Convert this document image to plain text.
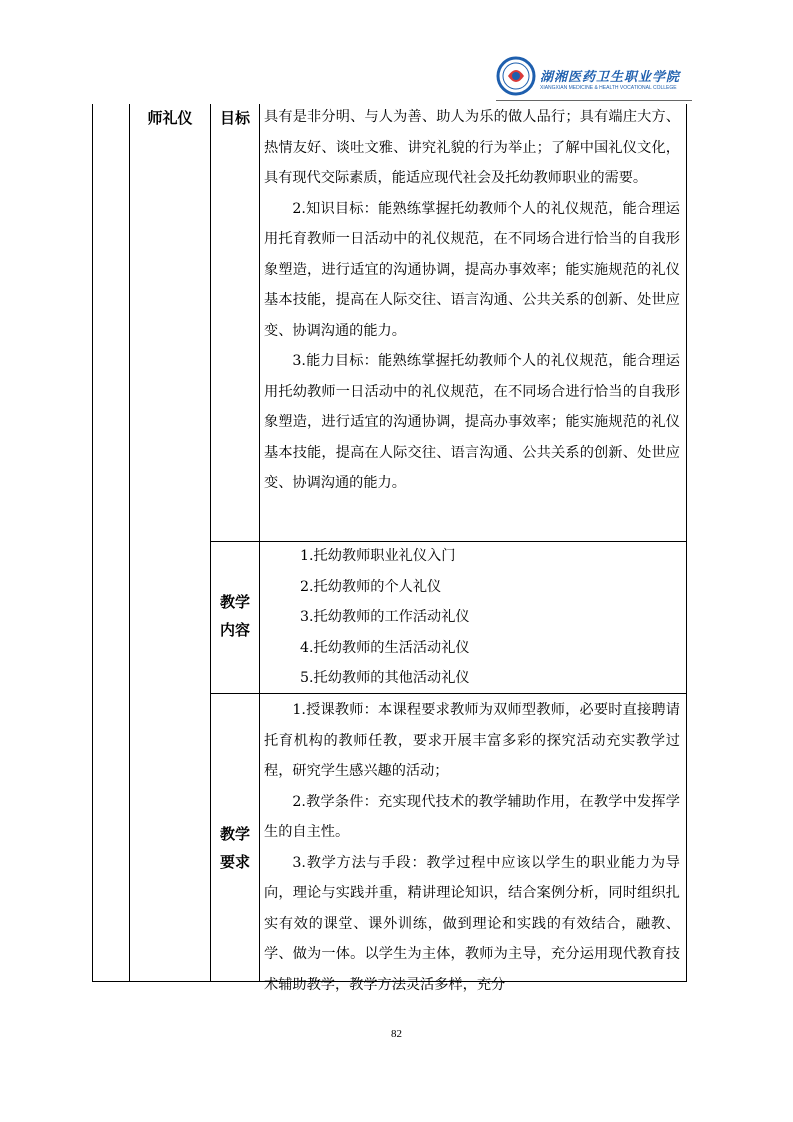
湖湘医药卫生职业学院
XIANGXIAN MEDICINE & HEALTH VOCATIONAL COLLEGE
师礼仪	目标 具有是非分明、与人为善、助人为乐的做人品行；具有端庄大方、热情友好、谈吐文雅、讲究礼貌的行为举止；了解中国礼仪文化，具有现代交际素质，能适应现代社会及托幼教师职业的需要。

2.知识目标：能熟练掌握托幼教师个人的礼仪规范，能合理运用托育教师一日活动中的礼仪规范，在不同场合进行恰当的自我形象塑造，进行适宜的沟通协调，提高办事效率；能实施规范的礼仪基本技能，提高在人际交往、语言沟通、公共关系的创新、处世应变、协调沟通的能力。

3.能力目标：能熟练掌握托幼教师个人的礼仪规范，能合理运用托幼教师一日活动中的礼仪规范，在不同场合进行恰当的自我形象塑造，进行适宜的沟通协调，提高办事效率；能实施规范的礼仪基本技能，提高在人际交往、语言沟通、公共关系的创新、处世应变、协调沟通的能力。

教学
内容
1.托幼教师职业礼仪入门
2.托幼教师的个人礼仪
3.托幼教师的工作活动礼仪
4.托幼教师的生活活动礼仪
5.托幼教师的其他活动礼仪
教学
要求

1.授课教师：本课程要求教师为双师型教师，必要时直接聘请托育机构的教师任教，要求开展丰富多彩的探究活动充实教学过程，研究学生感兴趣的活动；

2.教学条件：充实现代技术的教学辅助作用，在教学中发挥学生的自主性。

3.教学方法与手段：教学过程中应该以学生的职业能力为导向，理论与实践并重，精讲理论知识，结合案例分析，同时组织扎实有效的课堂、课外训练，做到理论和实践的有效结合，融教、学、做为一体。以学生为主体，教师为主导，充分运用现代教育技术辅助教学，教学方法灵活多样，充分

82
